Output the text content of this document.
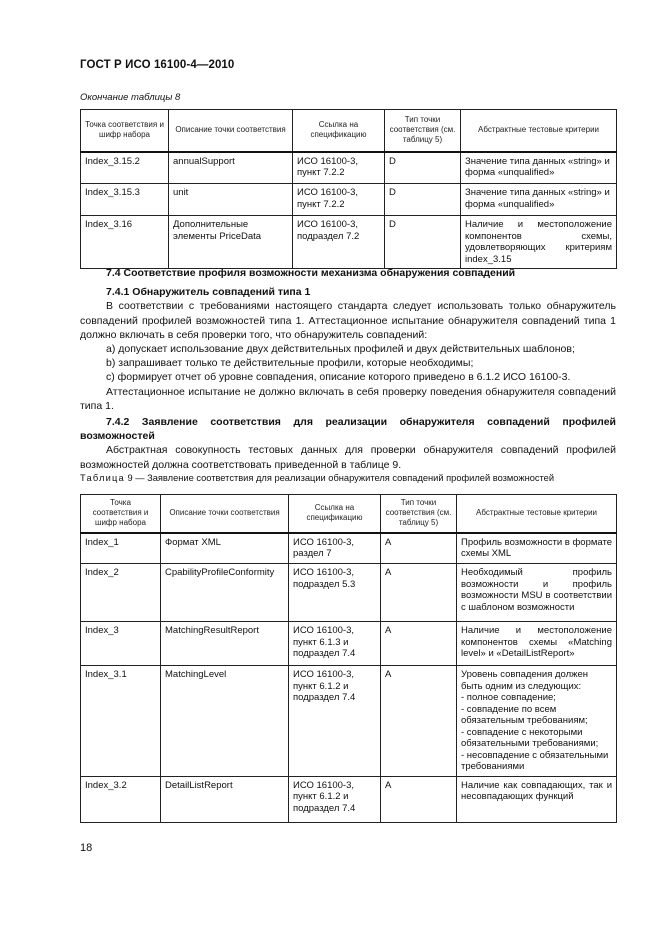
ГОСТ Р ИСО 16100-4—2010
Окончание таблицы 8
Точка соответствия и шифр набора	Описание точки соответствия	Ссылка на спецификацию	Тип точки соответствия (см. таблицу 5)	Абстрактные тестовые критерии
Index_3.15.2	annualSupport	ИСО 16100-3, пункт 7.2.2	D	Значение типа данных «string» и форма «unqualified»
Index_3.15.3	unit	ИСО 16100-3, пункт 7.2.2	D	Значение типа данных «string» и форма «unqualified»
Index_3.16	Дополнительные элементы PriceData	ИСО 16100-3, подраздел 7.2	D	Наличие и местоположение компонентов схемы, удовлетворяющих критериям index_3.15

7.4 Соответствие профиля возможности механизма обнаружения совпадений

7.4.1 Обнаружитель совпадений типа 1

В соответствии с требованиями настоящего стандарта следует использовать только обнаружитель совпадений профилей возможностей типа 1. Аттестационное испытание обнаружителя совпадений типа 1 должно включать в себя проверки того, что обнаружитель совпадений:

a) допускает использование двух действительных профилей и двух действительных шаблонов;

b) запрашивает только те действительные профили, которые необходимы;

c) формирует отчет об уровне совпадения, описание которого приведено в 6.1.2 ИСО 16100-3.

Аттестационное испытание не должно включать в себя проверку поведения обнаружителя совпадений типа 1.

7.4.2 Заявление соответствия для реализации обнаружителя совпадений профилей возможностей

Абстрактная совокупность тестовых данных для проверки обнаружителя совпадений профилей возможностей должна соответствовать приведенной в таблице 9.

Таблица 9 — Заявление соответствия для реализации обнаружителя совпадений профилей возможностей
Точка соответствия и шифр набора	Описание точки соответствия	Ссылка на спецификацию	Тип точки соответствия (см. таблицу 5)	Абстрактные тестовые критерии
Index_1	Формат XML	ИСО 16100-3, раздел 7	A	Профиль возможности в формате схемы XML
Index_2	CpabilityProfileConformity	ИСО 16100-3, подраздел 5.3	A	Необходимый профиль возможности и профиль возможности MSU в соответствии с шаблоном возможности
Index_3	MatchingResultReport	ИСО 16100-3, пункт 6.1.3 и подраздел 7.4	A	Наличие и местоположение компонентов схемы «Matching level» и «DetailListReport»
Index_3.1	MatchingLevel	ИСО 16100-3, пункт 6.1.2 и подраздел 7.4	A	Уровень совпадения должен быть одним из следующих:
- полное совпадение;
- совпадение по всем обязательным требованиям;
- совпадение с некоторыми обязательными требованиями;
- несовпадение с обязательными требованиями
Index_3.2	DetailListReport	ИСО 16100-3, пункт 6.1.2 и подраздел 7.4	A	Наличие как совпадающих, так и несовпадающих функций
18
